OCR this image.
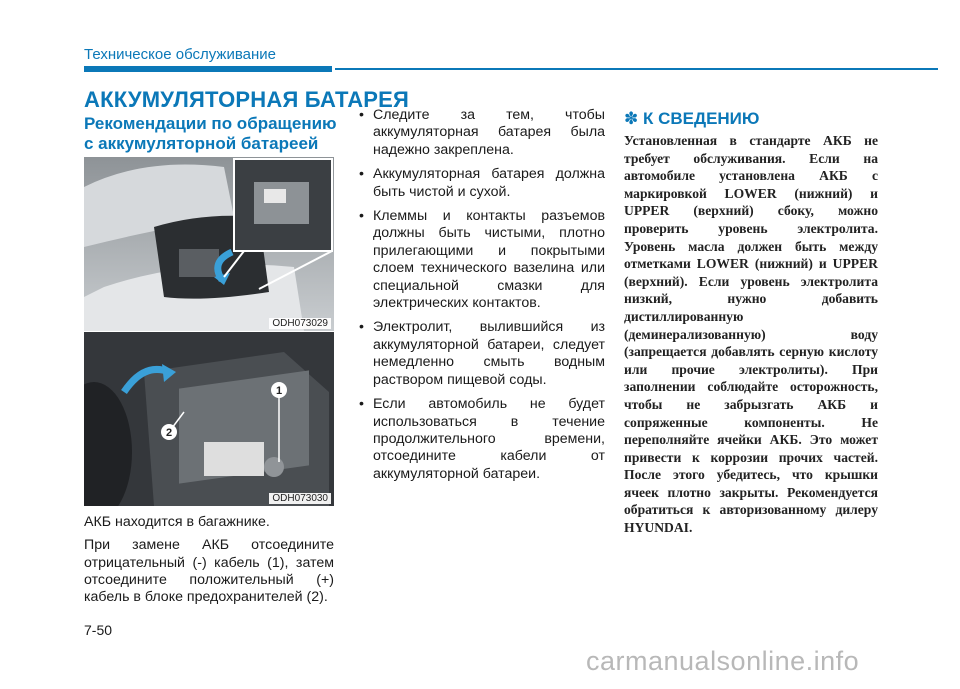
Техническое обслуживание
АККУМУЛЯТОРНАЯ БАТАРЕЯ
Рекомендации по обращению с аккумуляторной батареей
ODH073029
1
2
ODH073030

АКБ находится в багажнике.

При замене АКБ отсоедините отрицательный (-) кабель (1), затем отсоедините положительный (+) кабель в блоке предохранителей (2).

• Следите за тем, чтобы аккумуляторная батарея была надежно закреплена.
• Аккумуляторная батарея должна быть чистой и сухой.
• Клеммы и контакты разъемов должны быть чистыми, плотно прилегающими и покрытыми слоем технического вазелина или специальной смазки для электрических контактов.
• Электролит, вылившийся из аккумуляторной батареи, следует немедленно смыть водным раствором пищевой соды.
• Если автомобиль не будет использоваться в течение продолжительного времени, отсоедините кабели от аккумуляторной батареи.
✽ К СВЕДЕНИЮ
Установленная в стандарте АКБ не требует обслуживания. Если на автомобиле установлена АКБ с маркировкой LOWER (нижний) и UPPER (верхний) сбоку, можно проверить уровень электролита. Уровень масла должен быть между отметками LOWER (нижний) и UPPER (верхний). Если уровень электролита низкий, нужно добавить дистиллированную (деминерализованную) воду (запрещается добавлять серную кислоту или прочие электролиты). При заполнении соблюдайте осторожность, чтобы не забрызгать АКБ и сопряженные компоненты. Не переполняйте ячейки АКБ. Это может привести к коррозии прочих частей. После этого убедитесь, что крышки ячеек плотно закрыты. Рекомендуется обратиться к авторизованному дилеру HYUNDAI.
7-50
carmanualsonline.info
